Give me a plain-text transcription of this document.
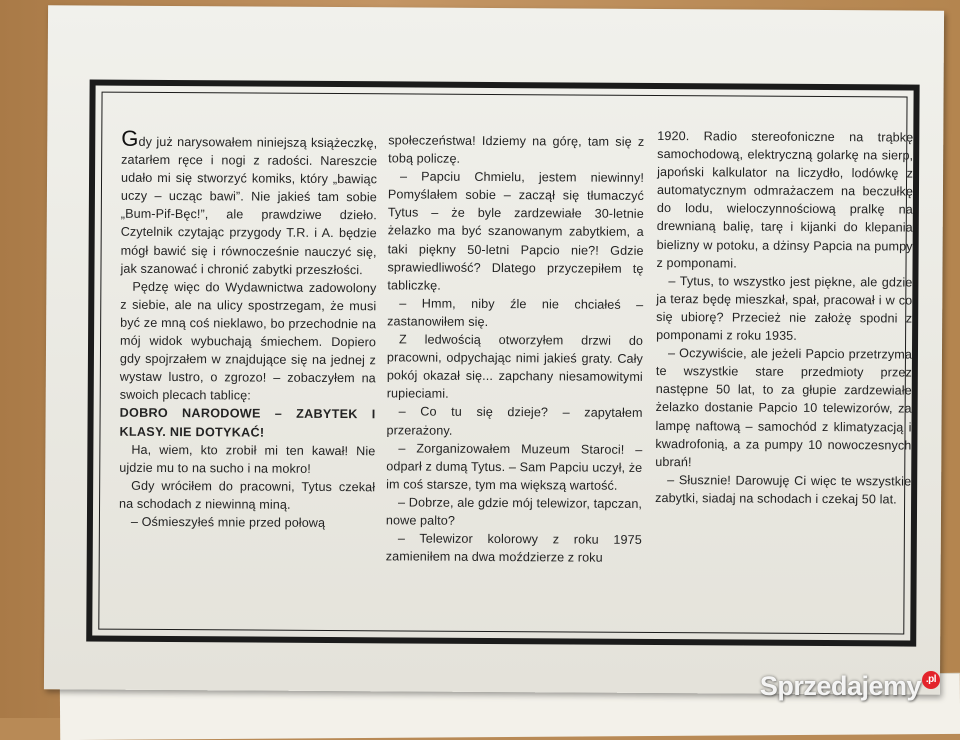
Gdy już narysowałem niniejszą książeczkę, zatarłem ręce i nogi z radości. Nareszcie udało mi się stworzyć komiks, który „bawiąc uczy – ucząc bawi”. Nie jakieś tam sobie „Bum-Pif-Bęc!”, ale prawdziwe dzieło. Czytelnik czytając przygody T.R. i A. będzie mógł bawić się i równocześnie nauczyć się, jak szanować i chronić zabytki przeszłości.

Pędzę więc do Wydawnictwa zadowolony z siebie, ale na ulicy spostrzegam, że musi być ze mną coś nieklawo, bo przechodnie na mój widok wybuchają śmiechem. Dopiero gdy spojrzałem w znajdujące się na jednej z wystaw lustro, o zgrozo! – zobaczyłem na swoich plecach tablicę:

DOBRO NARODOWE – ZABYTEK I KLASY. NIE DOTYKAĆ!

Ha, wiem, kto zrobił mi ten kawał! Nie ujdzie mu to na sucho i na mokro!

Gdy wróciłem do pracowni, Tytus czekał na schodach z niewinną miną.

– Ośmieszyłeś mnie przed połową

społeczeństwa! Idziemy na górę, tam się z tobą policzę.

– Papciu Chmielu, jestem niewinny! Pomyślałem sobie – zaczął się tłumaczyć Tytus – że byle zardzewiałe 30-letnie żelazko ma być szanowanym zabytkiem, a taki piękny 50-letni Papcio nie?! Gdzie sprawiedliwość? Dlatego przyczepiłem tę tabliczkę.

– Hmm, niby źle nie chciałeś – zastanowiłem się.

Z ledwością otworzyłem drzwi do pracowni, odpychając nimi jakieś graty. Cały pokój okazał się... zapchany niesamowitymi rupieciami.

– Co tu się dzieje? – zapytałem przerażony.

– Zorganizowałem Muzeum Staroci! – odparł z dumą Tytus. – Sam Papciu uczył, że im coś starsze, tym ma większą wartość.

– Dobrze, ale gdzie mój telewizor, tapczan, nowe palto?

– Telewizor kolorowy z roku 1975 zamieniłem na dwa moździerze z roku

1920. Radio stereofoniczne na trąbkę samochodową, elektryczną golarkę na sierp, japoński kalkulator na liczydło, lodówkę z automatycznym odmrażaczem na beczułkę do lodu, wieloczynnościową pralkę na drewnianą balię, tarę i kijanki do klepania bielizny w potoku, a dżinsy Papcia na pumpy z pomponami.

– Tytus, to wszystko jest piękne, ale gdzie ja teraz będę mieszkał, spał, pracował i w co się ubiorę? Przecież nie założę spodni z pomponami z roku 1935.

– Oczywiście, ale jeżeli Papcio przetrzyma te wszystkie stare przedmioty przez następne 50 lat, to za głupie zardzewiałe żelazko dostanie Papcio 10 telewizorów, za lampę naftową – samochód z klimatyzacją i kwadrofonią, a za pumpy 10 nowoczesnych ubrań!

– Słusznie! Darowuję Ci więc te wszystkie zabytki, siadaj na schodach i czekaj 50 lat.

Sprzedajemy .pl
